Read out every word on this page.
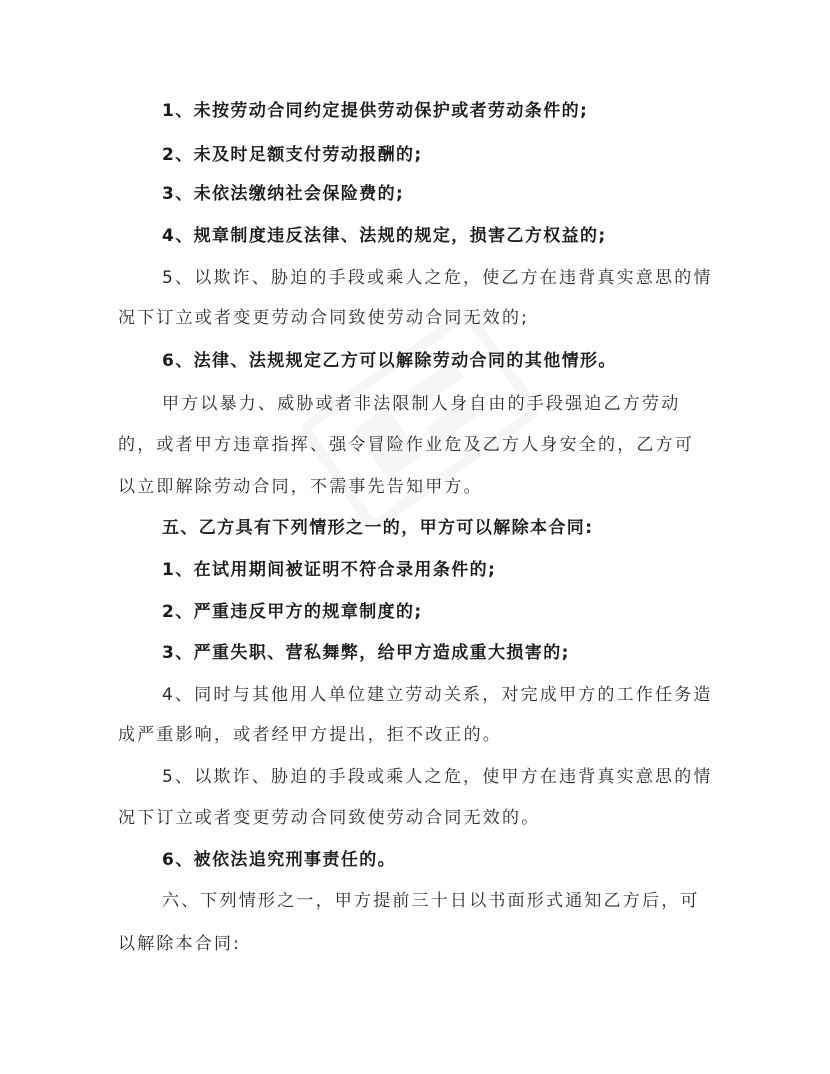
1、未按劳动合同约定提供劳动保护或者劳动条件的;

2、未及时足额支付劳动报酬的;

3、未依法缴纳社会保险费的;

4、规章制度违反法律、法规的规定，损害乙方权益的;

5、以欺诈、胁迫的手段或乘人之危，使乙方在违背真实意思的情

况下订立或者变更劳动合同致使劳动合同无效的;

6、法律、法规规定乙方可以解除劳动合同的其他情形。

甲方以暴力、威胁或者非法限制人身自由的手段强迫乙方劳动

的，或者甲方违章指挥、强令冒险作业危及乙方人身安全的，乙方可

以立即解除劳动合同，不需事先告知甲方。

五、乙方具有下列情形之一的，甲方可以解除本合同:

1、在试用期间被证明不符合录用条件的;

2、严重违反甲方的规章制度的;

3、严重失职、营私舞弊，给甲方造成重大损害的;

4、同时与其他用人单位建立劳动关系，对完成甲方的工作任务造

成严重影响，或者经甲方提出，拒不改正的。

5、以欺诈、胁迫的手段或乘人之危，使甲方在违背真实意思的情

况下订立或者变更劳动合同致使劳动合同无效的。

6、被依法追究刑事责任的。

六、下列情形之一，甲方提前三十日以书面形式通知乙方后，可

以解除本合同:
